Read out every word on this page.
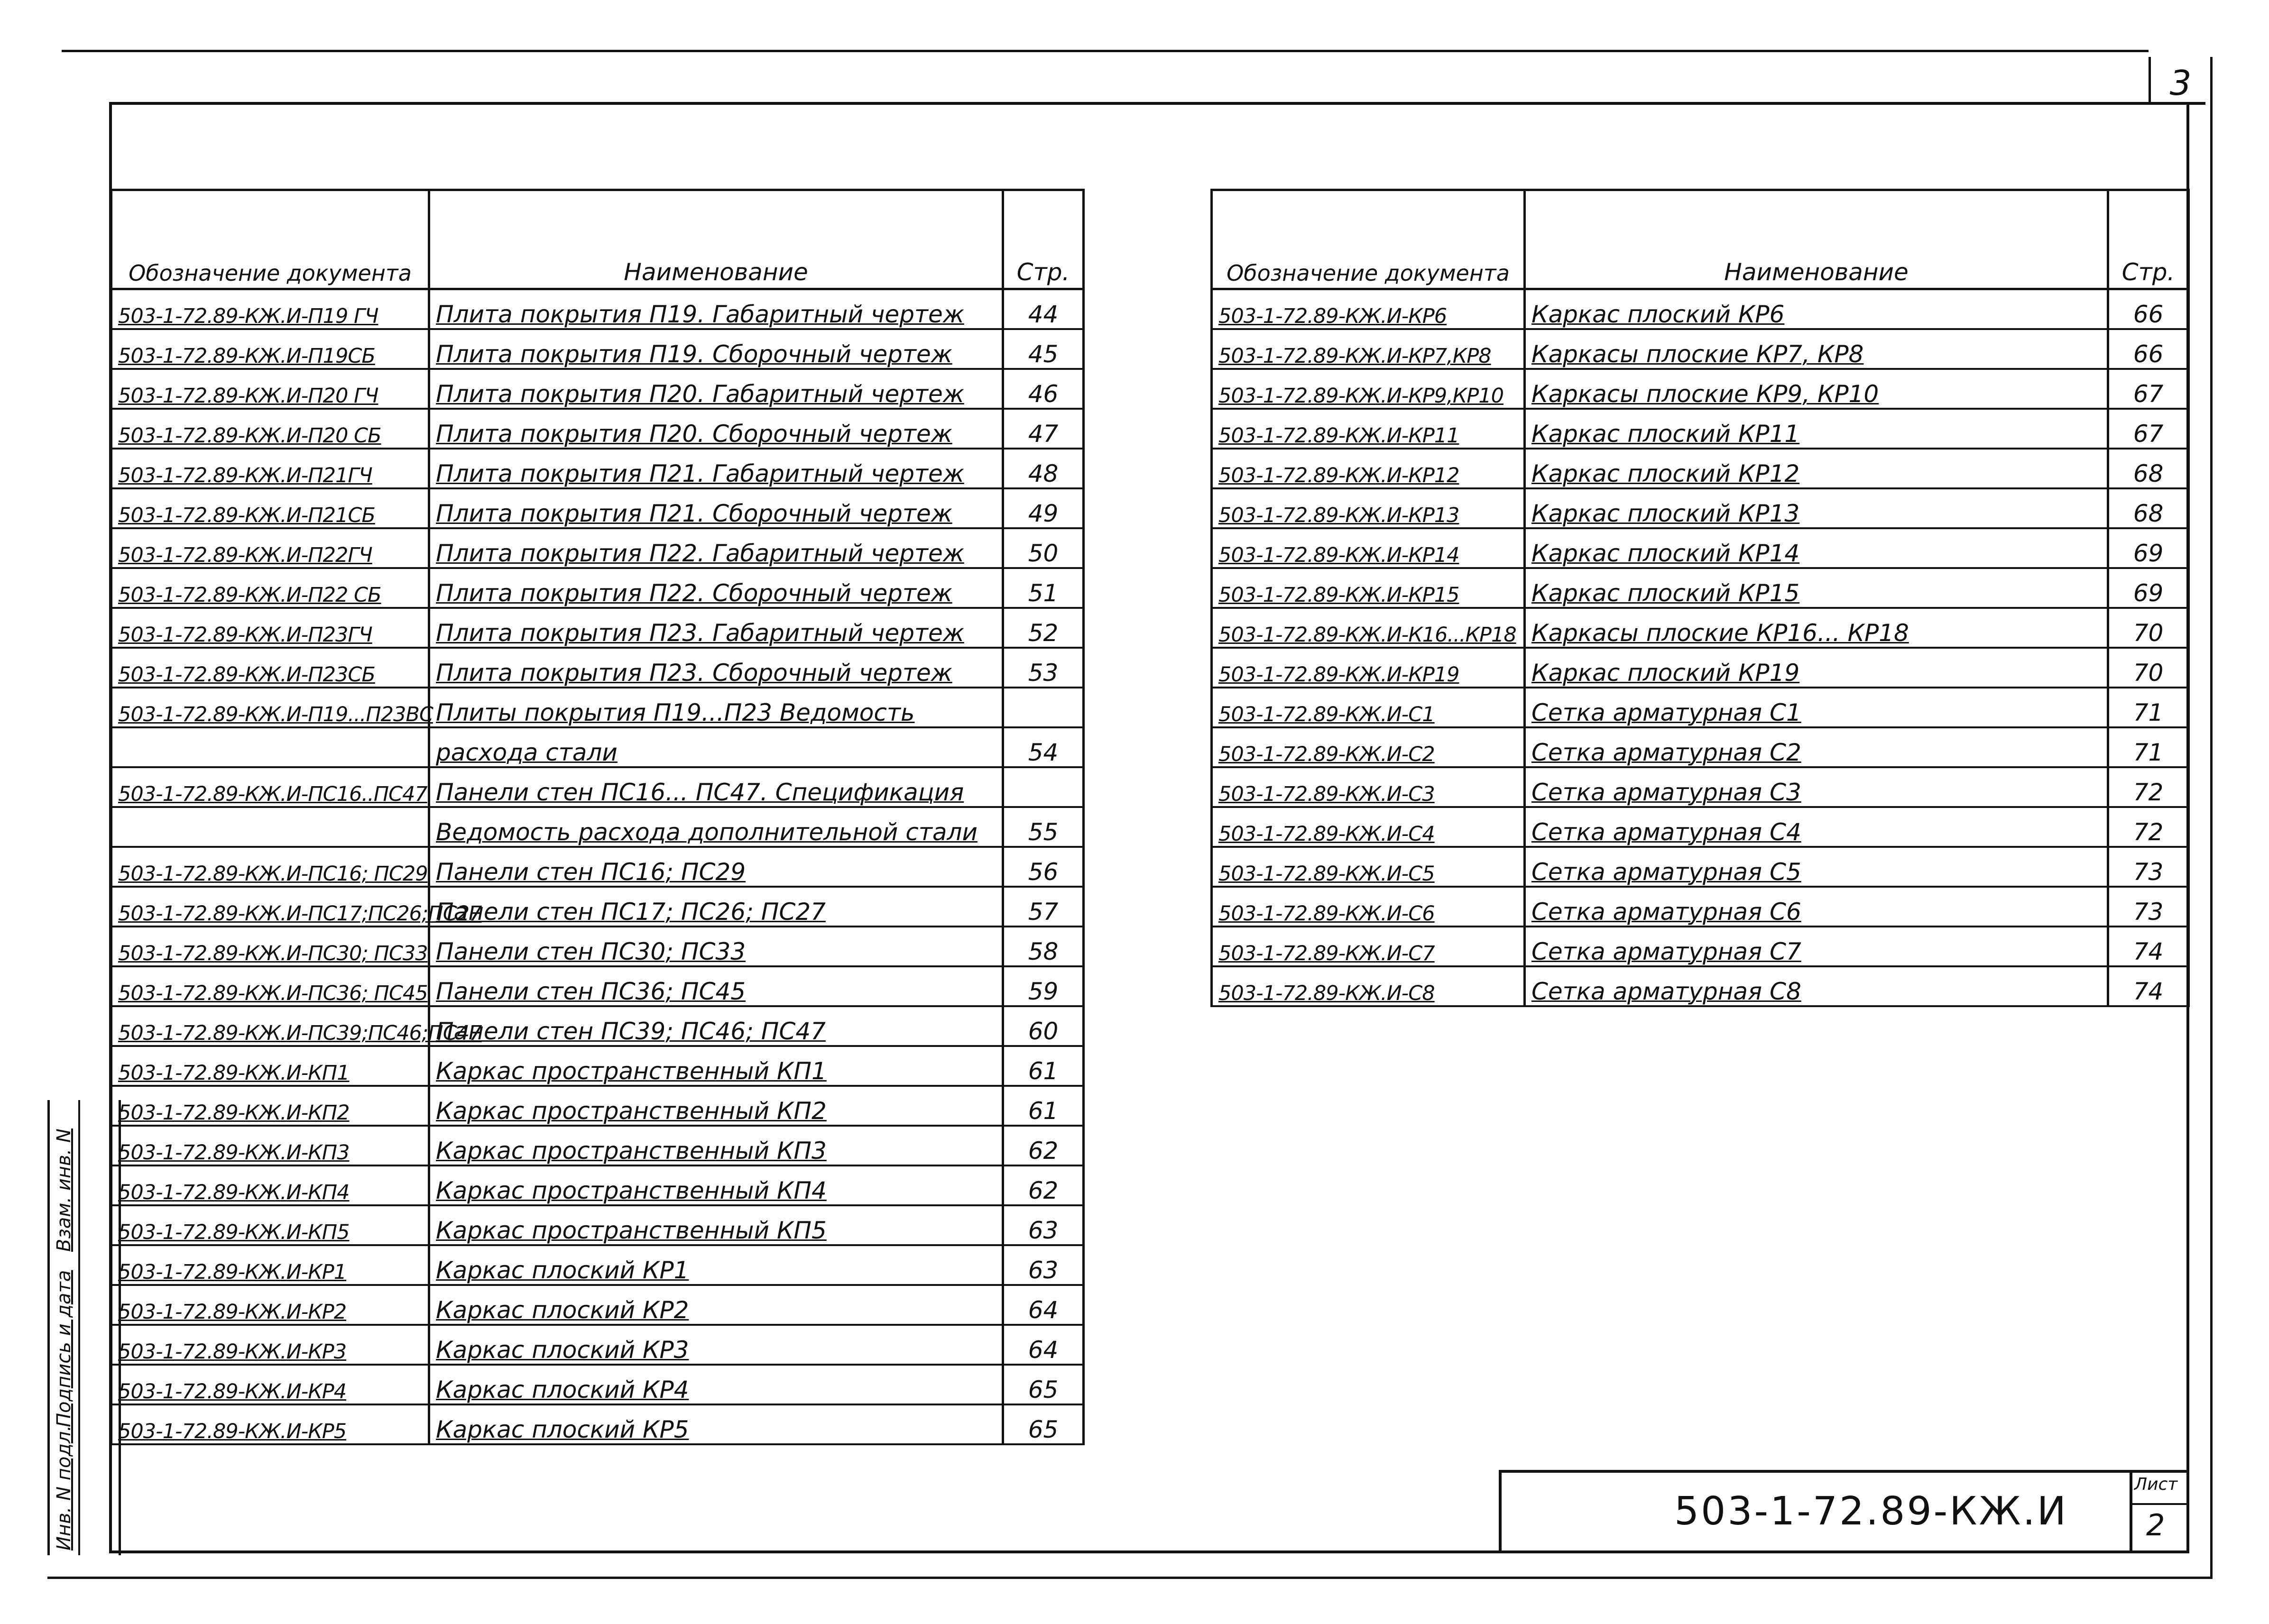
3
Обозначение документа	Наименование	Стр.
503-1-72.89-КЖ.И-П19 ГЧ	Плита покрытия П19. Габаритный чертеж	44
503-1-72.89-КЖ.И-П19СБ	Плита покрытия П19. Сборочный чертеж	45
503-1-72.89-КЖ.И-П20 ГЧ	Плита покрытия П20. Габаритный чертеж	46
503-1-72.89-КЖ.И-П20 СБ	Плита покрытия П20. Сборочный чертеж	47
503-1-72.89-КЖ.И-П21ГЧ	Плита покрытия П21. Габаритный чертеж	48
503-1-72.89-КЖ.И-П21СБ	Плита покрытия П21. Сборочный чертеж	49
503-1-72.89-КЖ.И-П22ГЧ	Плита покрытия П22. Габаритный чертеж	50
503-1-72.89-КЖ.И-П22 СБ	Плита покрытия П22. Сборочный чертеж	51
503-1-72.89-КЖ.И-П23ГЧ	Плита покрытия П23. Габаритный чертеж	52
503-1-72.89-КЖ.И-П23СБ	Плита покрытия П23. Сборочный чертеж	53
503-1-72.89-КЖ.И-П19...П23ВС	Плиты покрытия П19...П23 Ведомость	
	расхода стали	54
503-1-72.89-КЖ.И-ПС16..ПС47	Панели стен ПС16... ПС47. Спецификация	
	Ведомость расхода дополнительной стали	55
503-1-72.89-КЖ.И-ПС16; ПС29	Панели стен ПС16; ПС29	56
503-1-72.89-КЖ.И-ПС17;ПС26;ПС27	Панели стен ПС17; ПС26; ПС27	57
503-1-72.89-КЖ.И-ПС30; ПС33	Панели стен ПС30; ПС33	58
503-1-72.89-КЖ.И-ПС36; ПС45	Панели стен ПС36; ПС45	59
503-1-72.89-КЖ.И-ПС39;ПС46;ПС47	Панели стен ПС39; ПС46; ПС47	60
503-1-72.89-КЖ.И-КП1	Каркас пространственный КП1	61
503-1-72.89-КЖ.И-КП2	Каркас пространственный КП2	61
503-1-72.89-КЖ.И-КП3	Каркас пространственный КП3	62
503-1-72.89-КЖ.И-КП4	Каркас пространственный КП4	62
503-1-72.89-КЖ.И-КП5	Каркас пространственный КП5	63
503-1-72.89-КЖ.И-КР1	Каркас плоский КР1	63
503-1-72.89-КЖ.И-КР2	Каркас плоский КР2	64
503-1-72.89-КЖ.И-КР3	Каркас плоский КР3	64
503-1-72.89-КЖ.И-КР4	Каркас плоский КР4	65
503-1-72.89-КЖ.И-КР5	Каркас плоский КР5	65
Обозначение документа	Наименование	Стр.
503-1-72.89-КЖ.И-КР6	Каркас плоский КР6	66
503-1-72.89-КЖ.И-КР7,КР8	Каркасы плоские КР7, КР8	66
503-1-72.89-КЖ.И-КР9,КР10	Каркасы плоские КР9, КР10	67
503-1-72.89-КЖ.И-КР11	Каркас плоский КР11	67
503-1-72.89-КЖ.И-КР12	Каркас плоский КР12	68
503-1-72.89-КЖ.И-КР13	Каркас плоский КР13	68
503-1-72.89-КЖ.И-КР14	Каркас плоский КР14	69
503-1-72.89-КЖ.И-КР15	Каркас плоский КР15	69
503-1-72.89-КЖ.И-К16...КР18	Каркасы плоские КР16... КР18	70
503-1-72.89-КЖ.И-КР19	Каркас плоский КР19	70
503-1-72.89-КЖ.И-С1	Сетка арматурная С1	71
503-1-72.89-КЖ.И-С2	Сетка арматурная С2	71
503-1-72.89-КЖ.И-С3	Сетка арматурная С3	72
503-1-72.89-КЖ.И-С4	Сетка арматурная С4	72
503-1-72.89-КЖ.И-С5	Сетка арматурная С5	73
503-1-72.89-КЖ.И-С6	Сетка арматурная С6	73
503-1-72.89-КЖ.И-С7	Сетка арматурная С7	74
503-1-72.89-КЖ.И-С8	Сетка арматурная С8	74
Инв. N подл.
Подпись и дата
Взам. инв. N
503-1-72.89-КЖ.И
Лист
2
